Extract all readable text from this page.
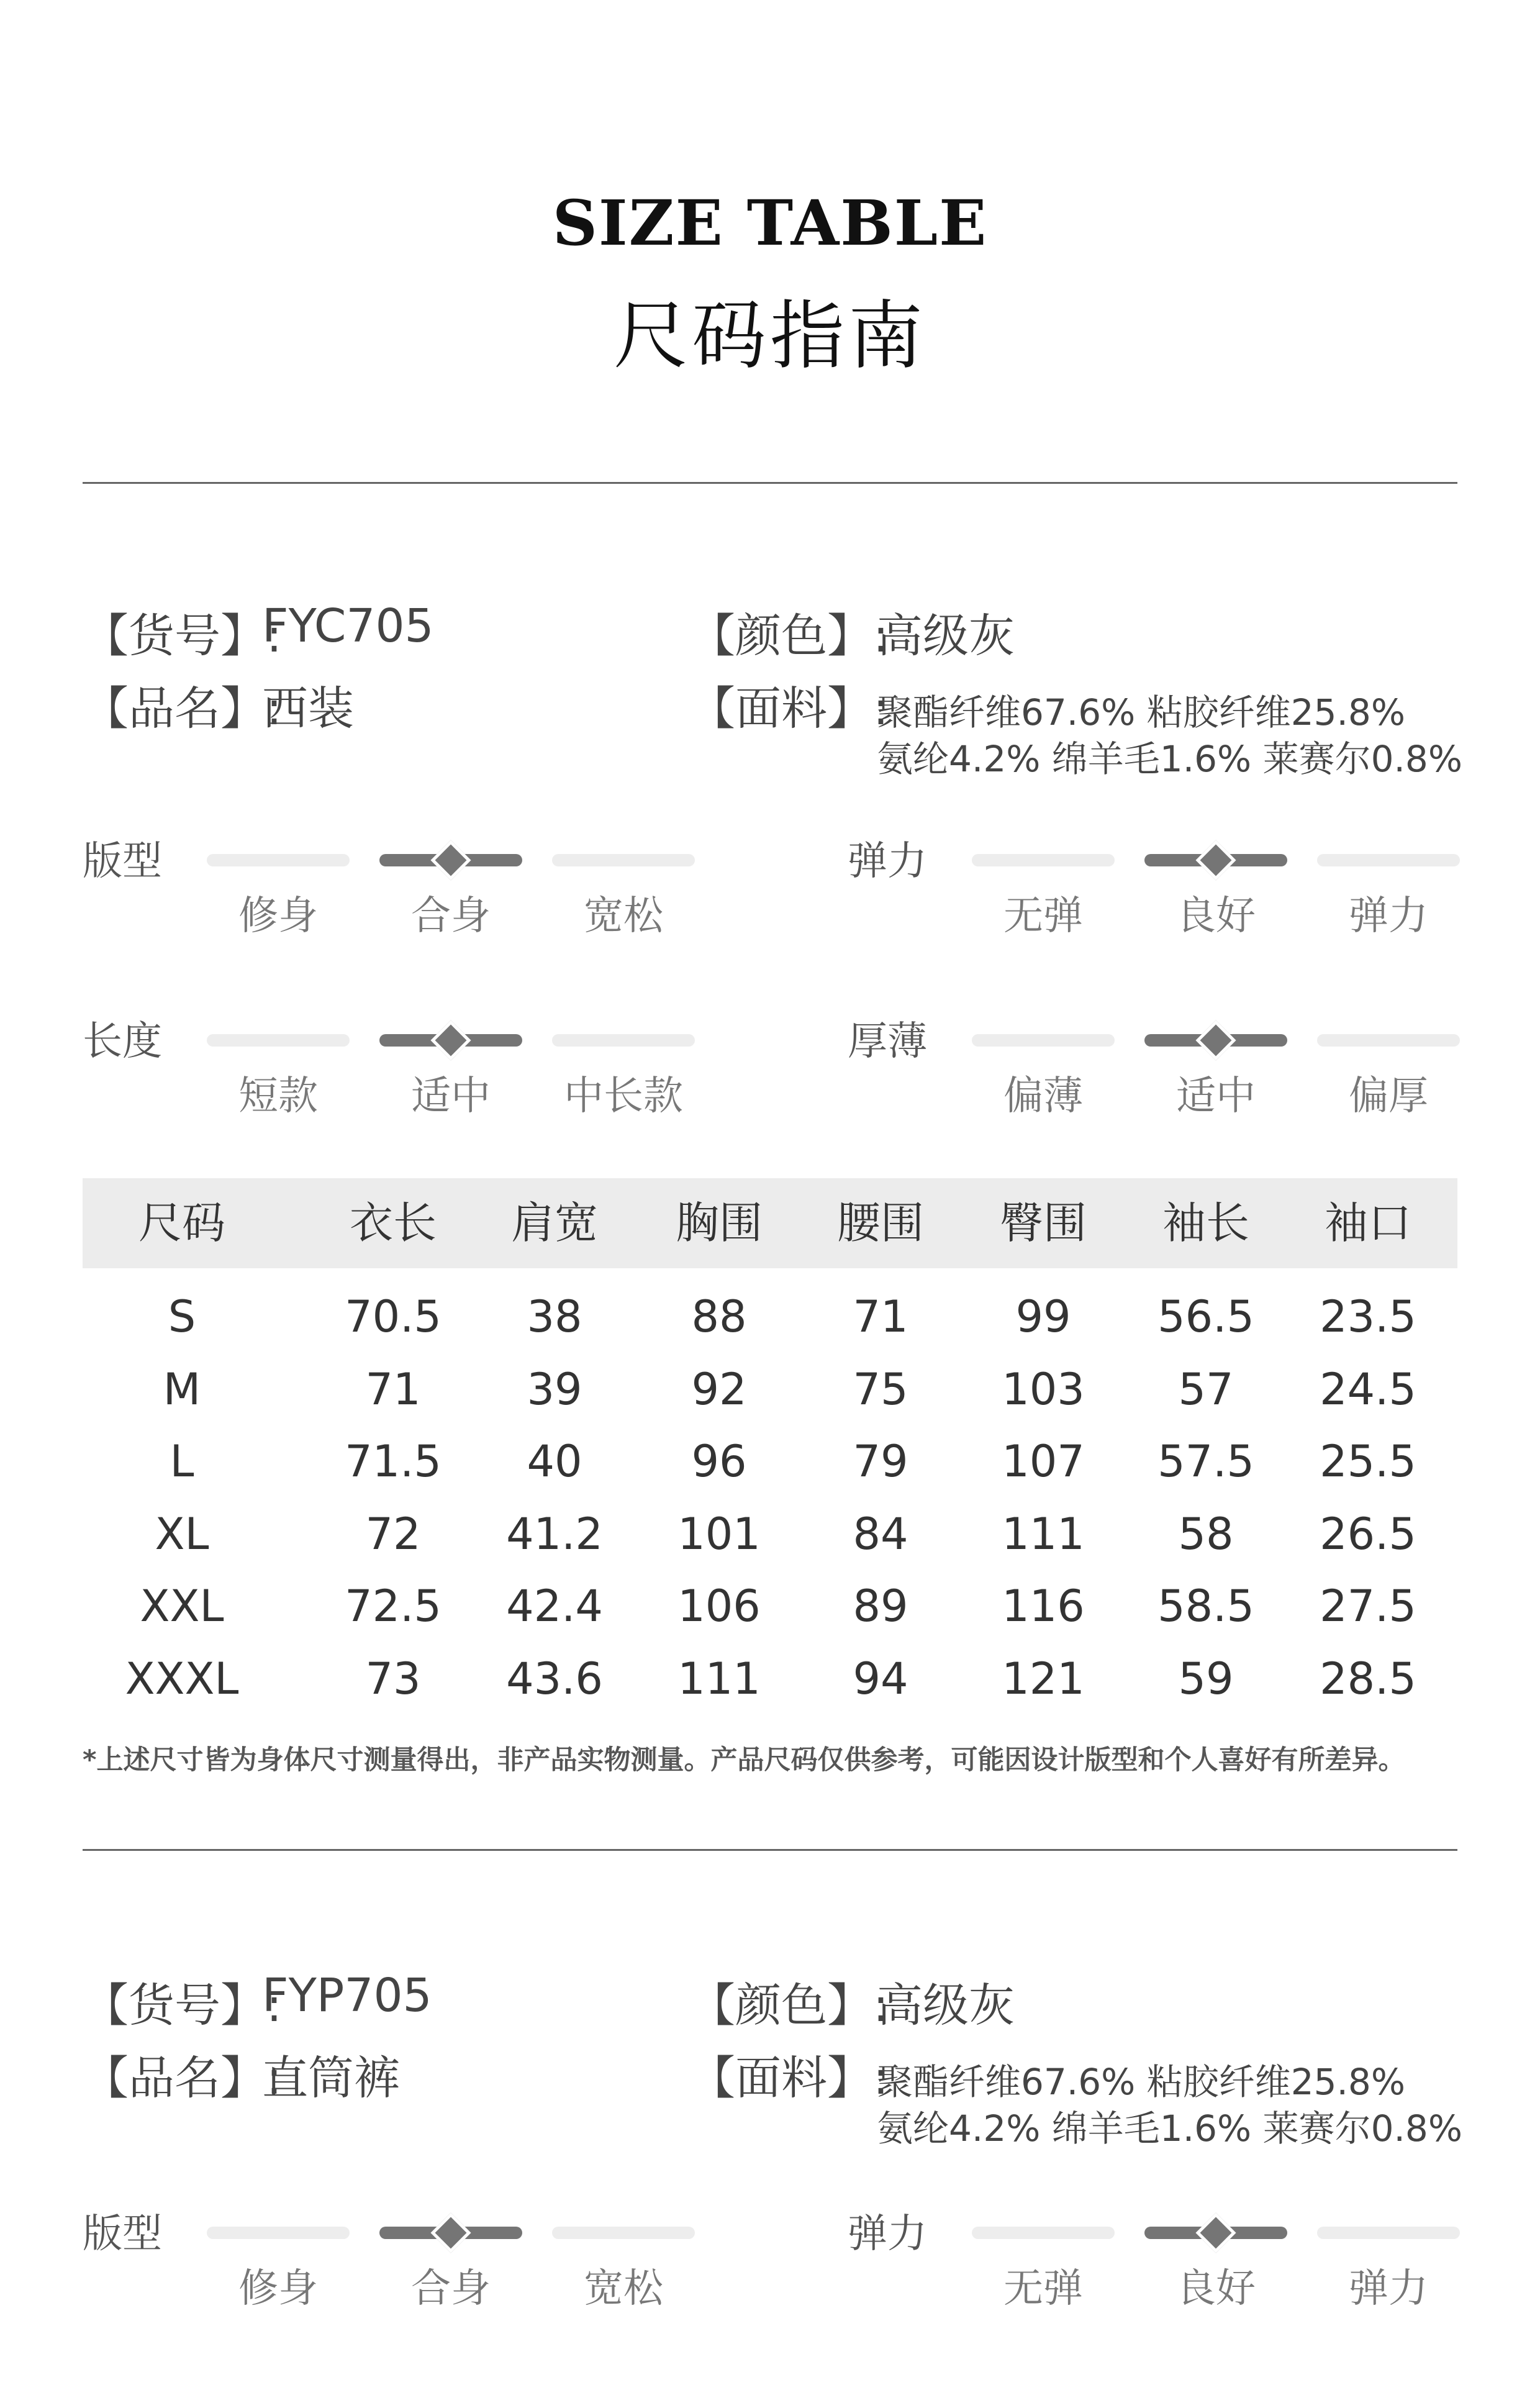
SIZE TABLE
尺码指南
【货号】:
FYC705	【颜色】:
高级灰
【品名】:
西装	【面料】:
聚酯纤维67.6% 粘胶纤维25.8%
氨纶4.2% 绵羊毛1.6% 莱赛尔0.8%
版型
修身	合身	宽松
弹力
无弹	良好	弹力
长度
短款	适中	中长款
厚薄
偏薄	适中	偏厚
尺码	衣长	肩宽	胸围	腰围	臀围	袖长	袖口
S	70.5	38	88	71	99	56.5	23.5
M	71	39	92	75	103	57	24.5
L	71.5	40	96	79	107	57.5	25.5
XL	72	41.2	101	84	111	58	26.5
XXL	72.5	42.4	106	89	116	58.5	27.5
XXXL	73	43.6	111	94	121	59	28.5
*上述尺寸皆为身体尺寸测量得出，非产品实物测量。产品尺码仅供参考，可能因设计版型和个人喜好有所差异。
【货号】:
FYP705	【颜色】:
高级灰
【品名】:
直筒裤	【面料】:
聚酯纤维67.6% 粘胶纤维25.8%
氨纶4.2% 绵羊毛1.6% 莱赛尔0.8%
版型
修身	合身	宽松
弹力
无弹	良好	弹力
